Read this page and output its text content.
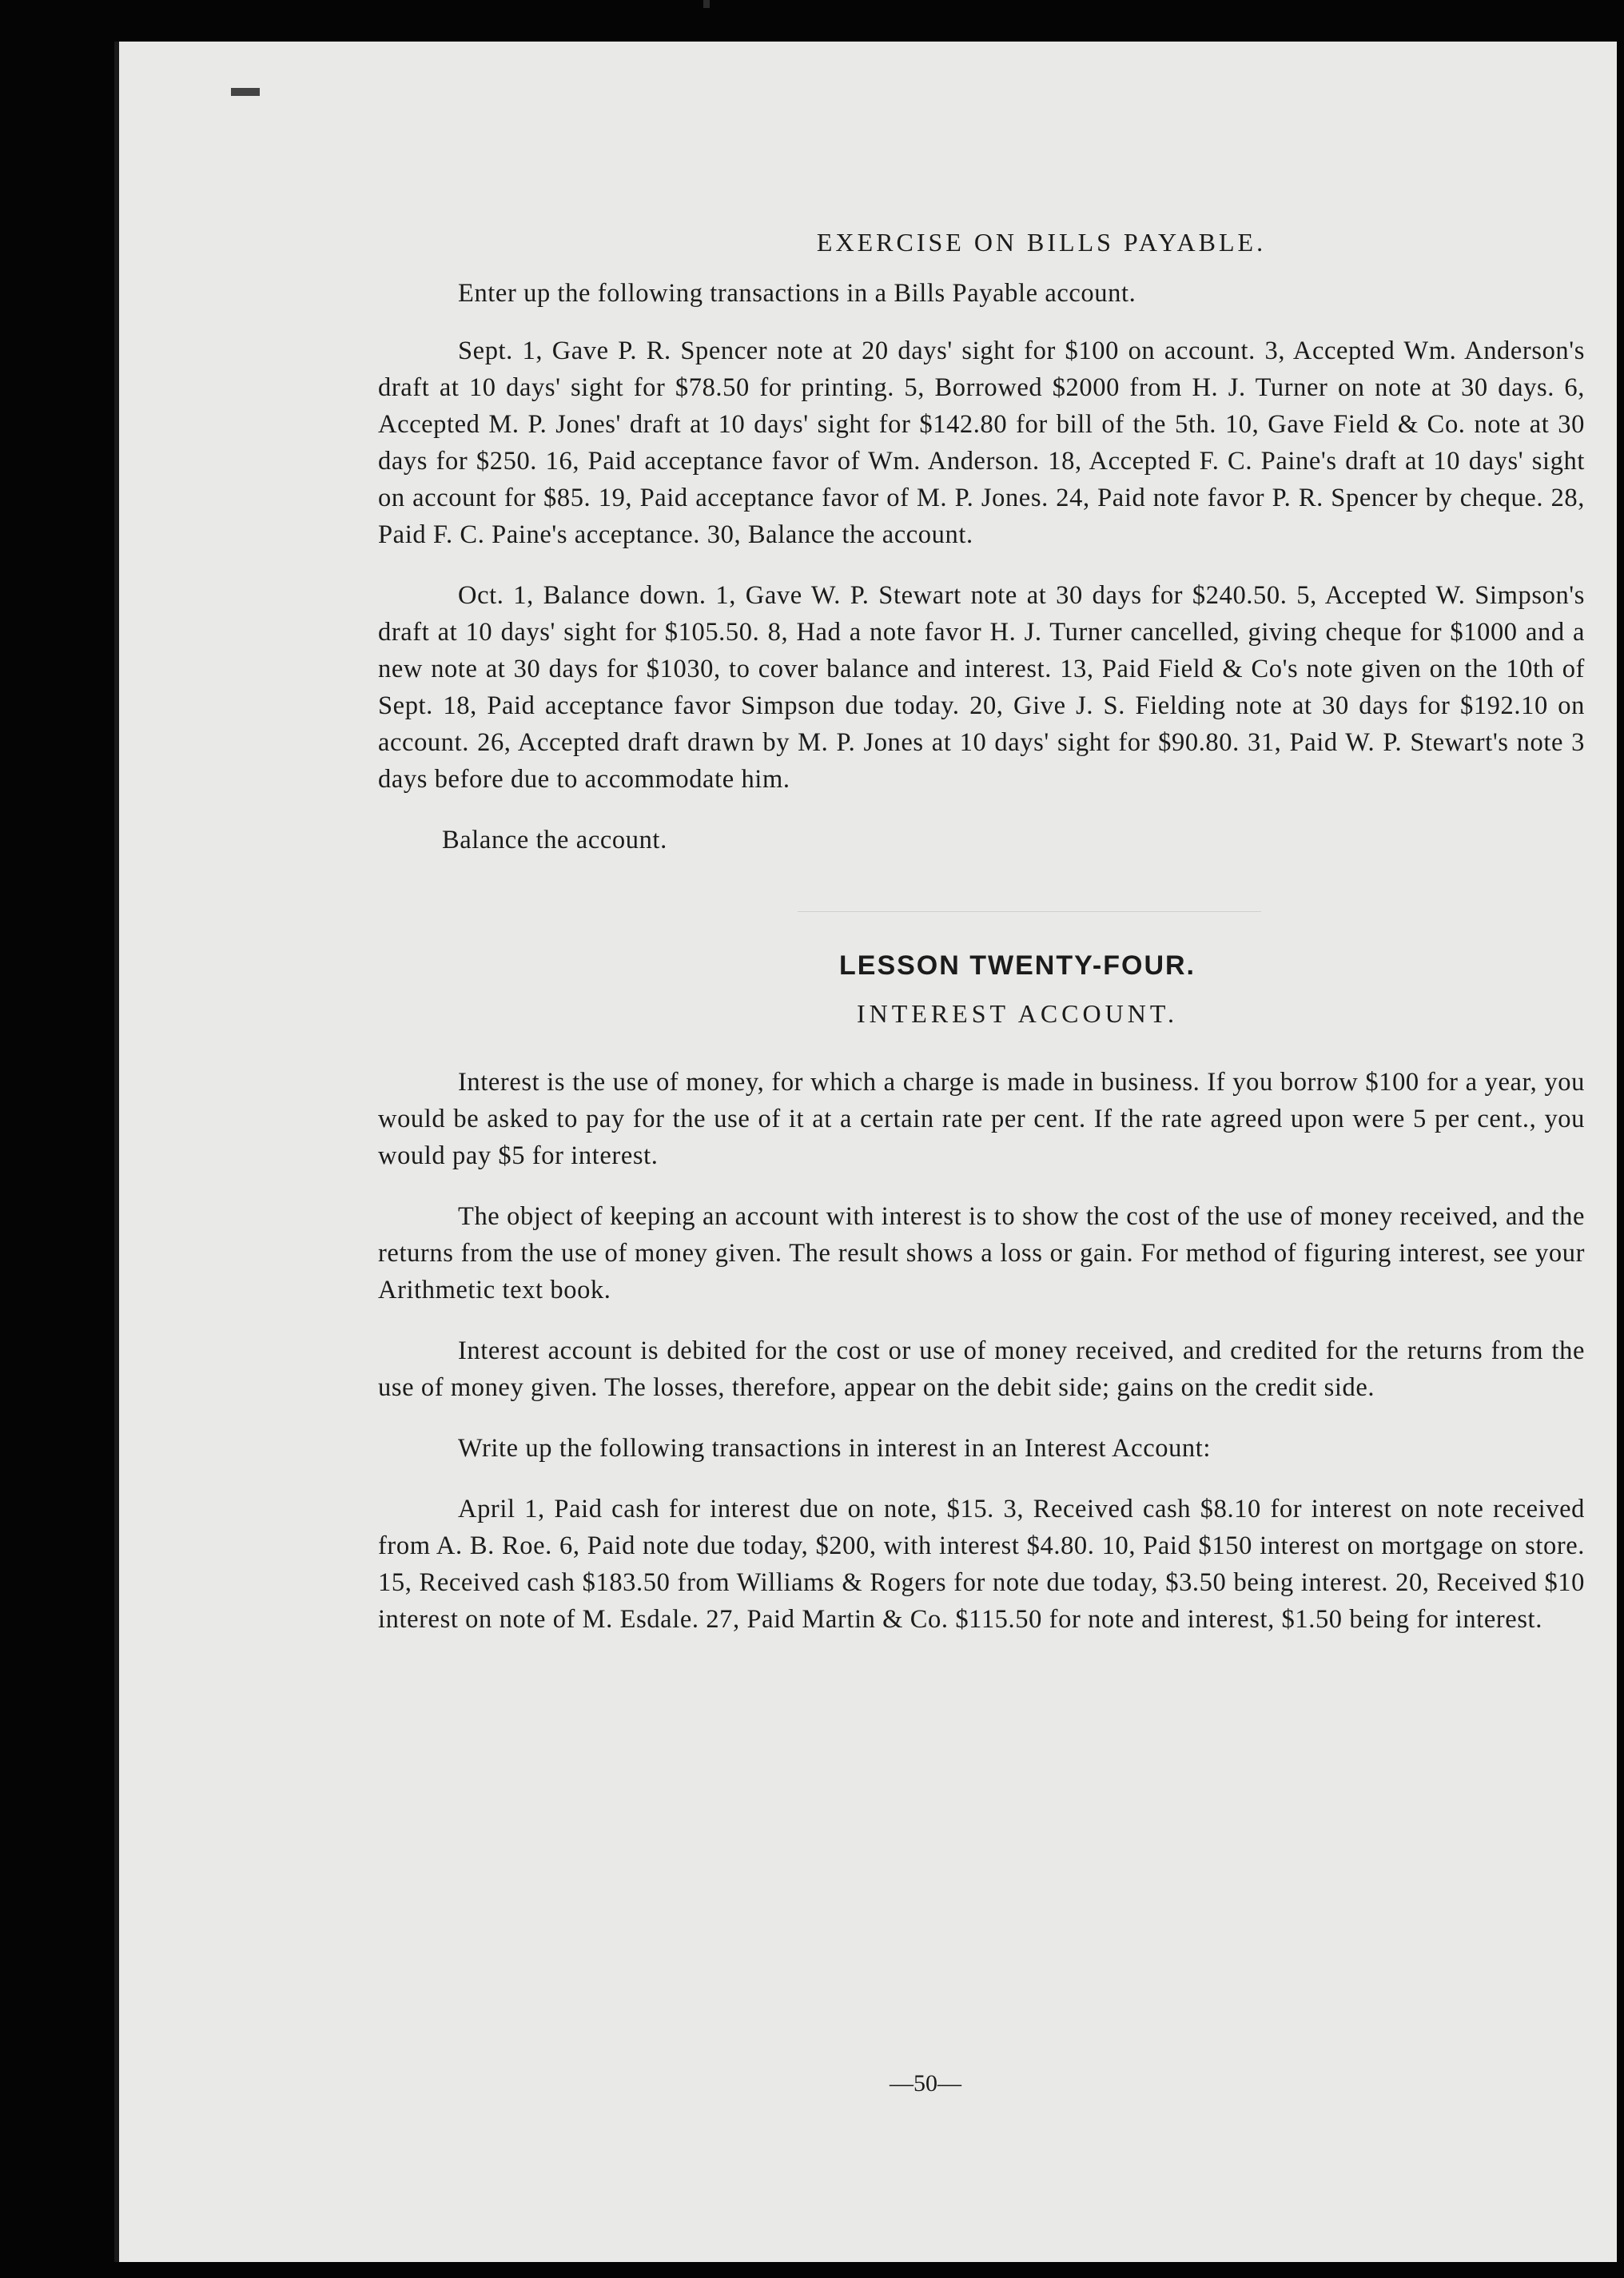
EXERCISE ON BILLS PAYABLE.

Enter up the following transactions in a Bills Payable account.

Sept. 1, Gave P. R. Spencer note at 20 days' sight for $100 on account. 3, Accepted Wm. Anderson's draft at 10 days' sight for $78.50 for printing. 5, Borrowed $2000 from H. J. Turner on note at 30 days. 6, Accepted M. P. Jones' draft at 10 days' sight for $142.80 for bill of the 5th. 10, Gave Field & Co. note at 30 days for $250. 16, Paid acceptance favor of Wm. Anderson. 18, Accepted F. C. Paine's draft at 10 days' sight on account for $85. 19, Paid acceptance favor of M. P. Jones. 24, Paid note favor P. R. Spencer by cheque. 28, Paid F. C. Paine's acceptance. 30, Balance the account.

Oct. 1, Balance down. 1, Gave W. P. Stewart note at 30 days for $240.50. 5, Accepted W. Simpson's draft at 10 days' sight for $105.50. 8, Had a note favor H. J. Turner cancelled, giving cheque for $1000 and a new note at 30 days for $1030, to cover balance and interest. 13, Paid Field & Co's note given on the 10th of Sept. 18, Paid acceptance favor Simpson due today. 20, Give J. S. Fielding note at 30 days for $192.10 on account. 26, Accepted draft drawn by M. P. Jones at 10 days' sight for $90.80. 31, Paid W. P. Stewart's note 3 days before due to accommodate him.

Balance the account.

LESSON TWENTY-FOUR.
INTEREST ACCOUNT.

Interest is the use of money, for which a charge is made in business. If you borrow $100 for a year, you would be asked to pay for the use of it at a certain rate per cent. If the rate agreed upon were 5 per cent., you would pay $5 for interest.

The object of keeping an account with interest is to show the cost of the use of money received, and the returns from the use of money given. The result shows a loss or gain. For method of figuring interest, see your Arithmetic text book.

Interest account is debited for the cost or use of money received, and credited for the returns from the use of money given. The losses, therefore, appear on the debit side; gains on the credit side.

Write up the following transactions in interest in an Interest Account:

April 1, Paid cash for interest due on note, $15. 3, Received cash $8.10 for interest on note received from A. B. Roe. 6, Paid note due today, $200, with interest $4.80. 10, Paid $150 interest on mortgage on store. 15, Received cash $183.50 from Williams & Rogers for note due today, $3.50 being interest. 20, Received $10 interest on note of M. Esdale. 27, Paid Martin & Co. $115.50 for note and interest, $1.50 being for interest.

—50—
